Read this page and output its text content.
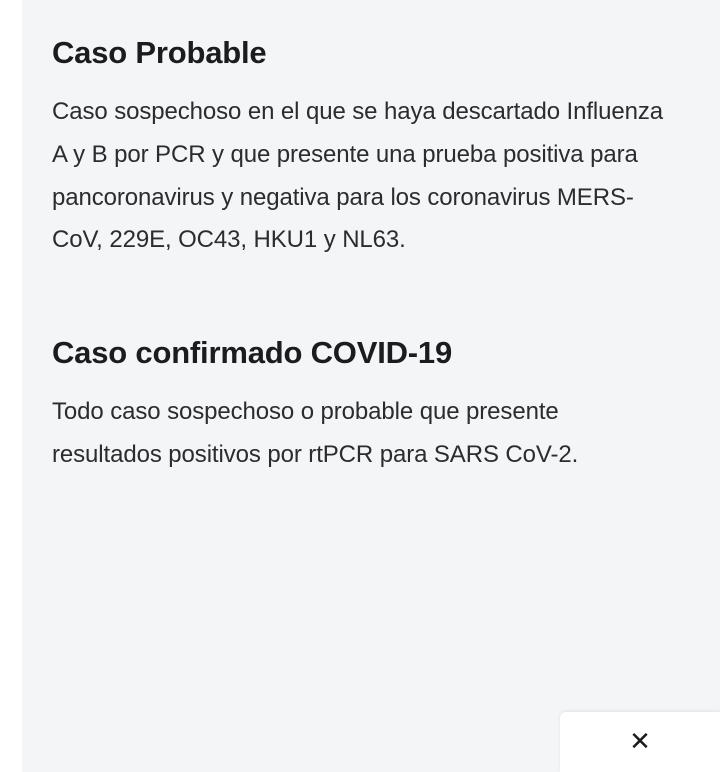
Caso Probable

Caso sospechoso en el que se haya descartado Influenza A y B por PCR y que presente una prueba positiva para pancoronavirus y negativa para los coronavirus MERS-CoV, 229E, OC43, HKU1 y NL63.

Caso confirmado COVID-19

Todo caso sospechoso o probable que presente resultados positivos por rtPCR para SARS CoV-2.

✕
